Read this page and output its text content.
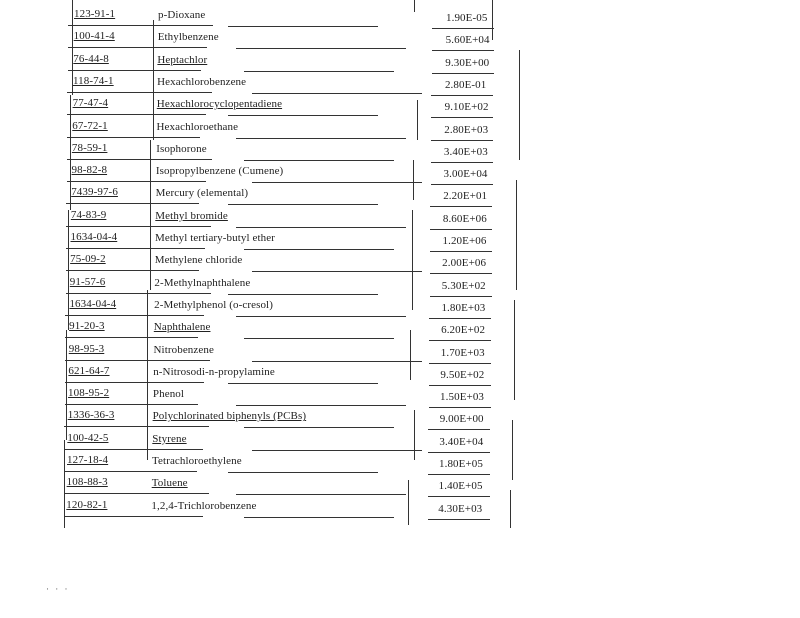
123-91-1	p-Dioxane	1.90E-05
100-41-4	Ethylbenzene	5.60E+04
76-44-8	Heptachlor	9.30E+00
118-74-1	Hexachlorobenzene	2.80E-01
77-47-4	Hexachlorocyclopentadiene	9.10E+02
67-72-1	Hexachloroethane	2.80E+03
78-59-1	Isophorone	3.40E+03
98-82-8	Isopropylbenzene (Cumene)	3.00E+04
7439-97-6	Mercury (elemental)	2.20E+01
74-83-9	Methyl bromide	8.60E+06
1634-04-4	Methyl tertiary-butyl ether	1.20E+06
75-09-2	Methylene chloride	2.00E+06
91-57-6	2-Methylnaphthalene	5.30E+02
1634-04-4	2-Methylphenol (o-cresol)	1.80E+03
91-20-3	Naphthalene	6.20E+02
98-95-3	Nitrobenzene	1.70E+03
621-64-7	n-Nitrosodi-n-propylamine	9.50E+02
108-95-2	Phenol	1.50E+03
1336-36-3	Polychlorinated biphenyls (PCBs)	9.00E+00
100-42-5	Styrene	3.40E+04
127-18-4	Tetrachloroethylene	1.80E+05
108-88-3	Toluene	1.40E+05
120-82-1	1,2,4-Trichlorobenzene	4.30E+03
· · ·
